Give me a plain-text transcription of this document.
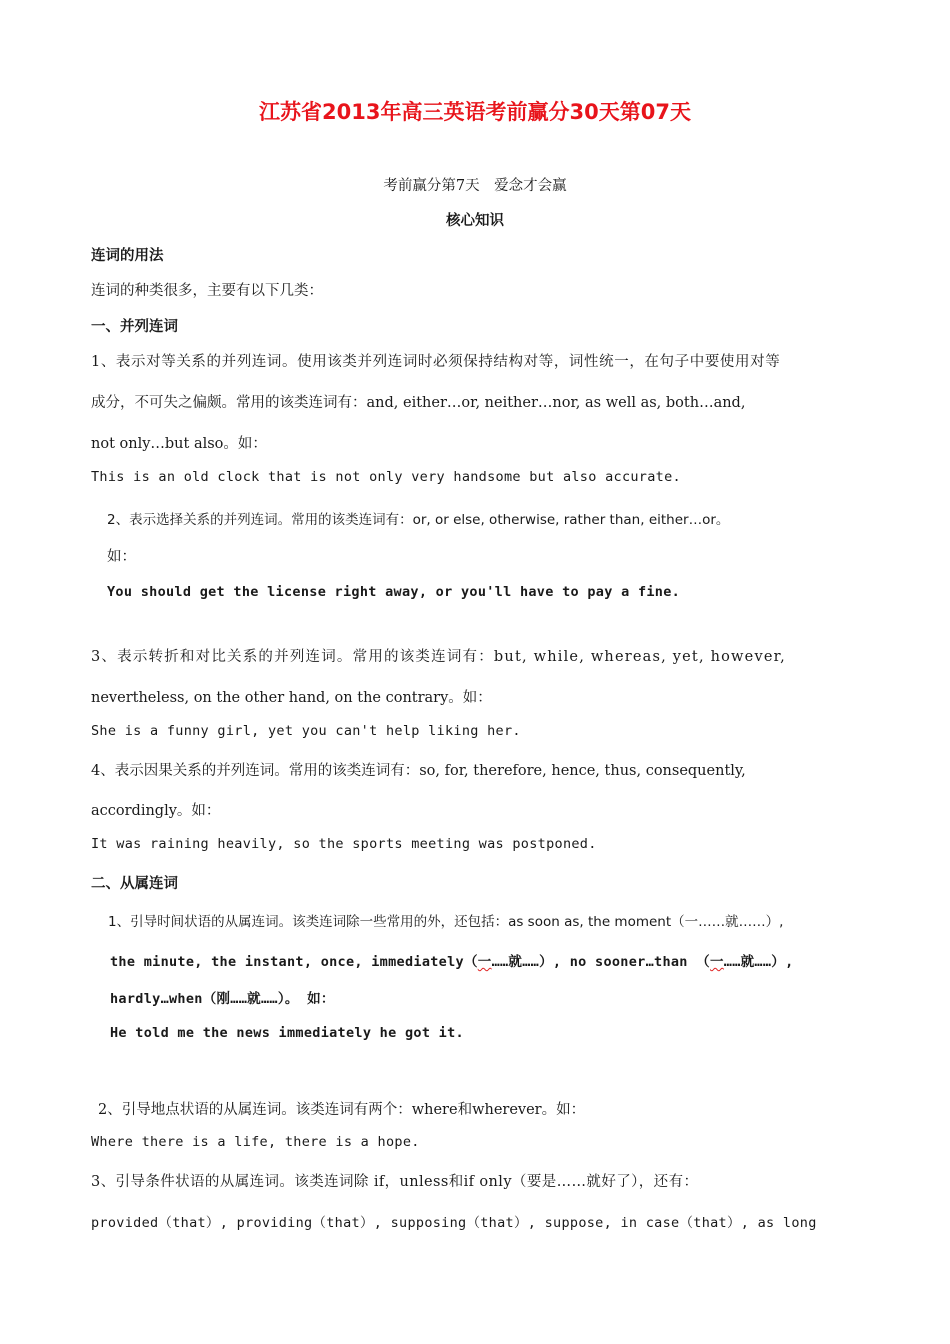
江苏省2013年高三英语考前赢分30天第07天
考前赢分第7天　爱念才会赢
核心知识
连词的用法
连词的种类很多，主要有以下几类：
一、并列连词
1、表示对等关系的并列连词。使用该类并列连词时必须保持结构对等，词性统一，在句子中要使用对等
成分，不可失之偏颇。常用的该类连词有：and, either…or, neither…nor, as well as, both…and,
not only…but also。如：
This is an old clock that is not only very handsome but also accurate.
2、表示选择关系的并列连词。常用的该类连词有：or, or else, otherwise, rather than, either…or。
如：
You should get the license right away, or you'll have to pay a fine.
3、表示转折和对比关系的并列连词。常用的该类连词有：but, while, whereas, yet, however,
nevertheless, on the other hand, on the contrary。如：
She is a funny girl, yet you can't help liking her.
4、表示因果关系的并列连词。常用的该类连词有：so, for, therefore, hence, thus, consequently,
accordingly。如：
It was raining heavily, so the sports meeting was postponed.
二、从属连词
1、引导时间状语的从属连词。该类连词除一些常用的外，还包括：as soon as, the moment（一……就……）,
the minute, the instant, once, immediately（一……就……）, no sooner…than （一……就……）,
hardly…when（刚……就……）。 如：
He told me the news immediately he got it.
2、引导地点状语的从属连词。该类连词有两个：where和wherever。如：
Where there is a life, there is a hope.
3、引导条件状语的从属连词。该类连词除 if，unless和if only（要是……就好了），还有：
provided（that）, providing（that）, supposing（that）, suppose, in case（that）, as long
